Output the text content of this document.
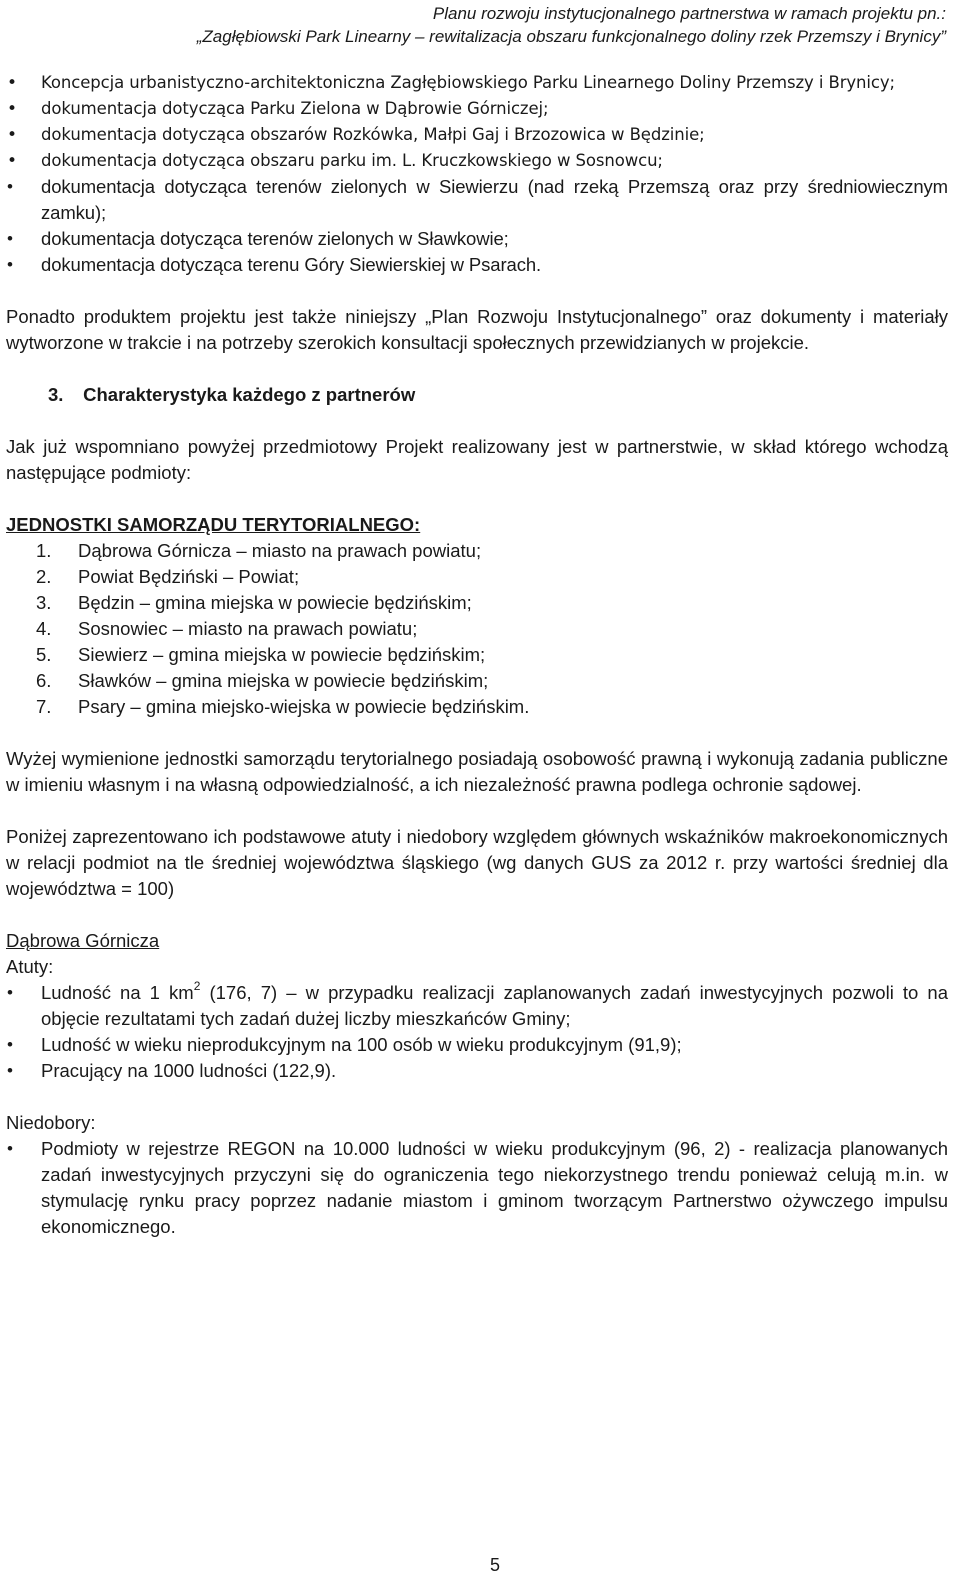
Planu rozwoju instytucjonalnego partnerstwa w ramach projektu pn.:
„Zagłębiowski Park Linearny – rewitalizacja obszaru funkcjonalnego doliny rzek Przemszy i Brynicy”
• Koncepcja urbanistyczno-architektoniczna Zagłębiowskiego Parku Linearnego Doliny Przemszy i Brynicy;
• dokumentacja dotycząca Parku Zielona w Dąbrowie Górniczej;
• dokumentacja dotycząca obszarów Rozkówka, Małpi Gaj i Brzozowica w Będzinie;
• dokumentacja dotycząca obszaru parku im. L. Kruczkowskiego w Sosnowcu;
• dokumentacja dotycząca terenów zielonych w Siewierzu (nad rzeką Przemszą oraz przy średniowiecznym zamku);
• dokumentacja dotycząca terenów zielonych w Sławkowie;
• dokumentacja dotycząca terenu Góry Siewierskiej w Psarach.

Ponadto produktem projektu jest także niniejszy „Plan Rozwoju Instytucjonalnego” oraz dokumenty i materiały wytworzone w trakcie i na potrzeby szerokich konsultacji społecznych przewidzianych w projekcie.

3. Charakterystyka każdego z partnerów

Jak już wspomniano powyżej przedmiotowy Projekt realizowany jest w partnerstwie, w skład którego wchodzą następujące podmioty:

JEDNOSTKI SAMORZĄDU TERYTORIALNEGO:
1. Dąbrowa Górnicza – miasto na prawach powiatu;
2. Powiat Będziński – Powiat;
3. Będzin – gmina miejska w powiecie będzińskim;
4. Sosnowiec – miasto na prawach powiatu;
5. Siewierz – gmina miejska w powiecie będzińskim;
6. Sławków – gmina miejska w powiecie będzińskim;
7. Psary – gmina miejsko-wiejska w powiecie będzińskim.

Wyżej wymienione jednostki samorządu terytorialnego posiadają osobowość prawną i wykonują zadania publiczne w imieniu własnym i na własną odpowiedzialność, a ich niezależność prawna podlega ochronie sądowej.

Poniżej zaprezentowano ich podstawowe atuty i niedobory względem głównych wskaźników makroekonomicznych w relacji podmiot na tle średniej województwa śląskiego (wg danych GUS za 2012 r. przy wartości średniej dla województwa = 100)

Dąbrowa Górnicza
Atuty:
• Ludność na 1 $km^2$ (176, 7) – w przypadku realizacji zaplanowanych zadań inwestycyjnych pozwoli to na objęcie rezultatami tych zadań dużej liczby mieszkańców Gminy;
• Ludność w wieku nieprodukcyjnym na 100 osób w wieku produkcyjnym (91,9);
• Pracujący na 1000 ludności (122,9).
Niedobory:
• Podmioty w rejestrze REGON na 10.000 ludności w wieku produkcyjnym (96, 2) - realizacja planowanych zadań inwestycyjnych przyczyni się do ograniczenia tego niekorzystnego trendu ponieważ celują m.in. w stymulację rynku pracy poprzez nadanie miastom i gminom tworzącym Partnerstwo ożywczego impulsu ekonomicznego.
5
